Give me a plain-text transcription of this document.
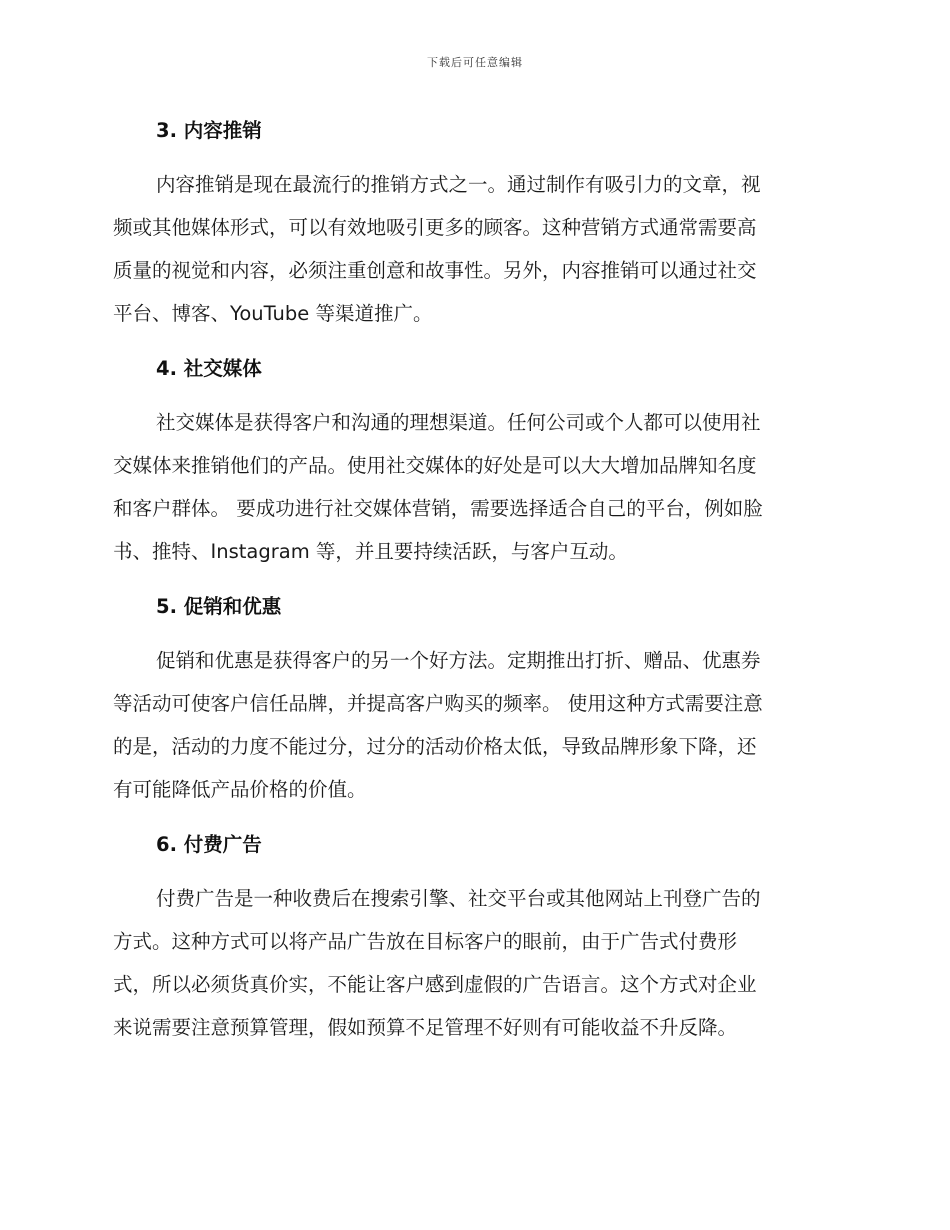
下载后可任意编辑
3. 内容推销
内容推销是现在最流行的推销方式之一。通过制作有吸引力的文章，视
频或其他媒体形式，可以有效地吸引更多的顾客。这种营销方式通常需要高
质量的视觉和内容，必须注重创意和故事性。另外，内容推销可以通过社交
平台、博客、YouTube 等渠道推广。
4. 社交媒体
社交媒体是获得客户和沟通的理想渠道。任何公司或个人都可以使用社
交媒体来推销他们的产品。使用社交媒体的好处是可以大大增加品牌知名度
和客户群体。 要成功进行社交媒体营销，需要选择适合自己的平台，例如脸
书、推特、Instagram 等，并且要持续活跃，与客户互动。
5. 促销和优惠
促销和优惠是获得客户的另一个好方法。定期推出打折、赠品、优惠券
等活动可使客户信任品牌，并提高客户购买的频率。 使用这种方式需要注意
的是，活动的力度不能过分，过分的活动价格太低，导致品牌形象下降，还
有可能降低产品价格的价值。
6. 付费广告
付费广告是一种收费后在搜索引擎、社交平台或其他网站上刊登广告的
方式。这种方式可以将产品广告放在目标客户的眼前，由于广告式付费形
式，所以必须货真价实，不能让客户感到虚假的广告语言。这个方式对企业
来说需要注意预算管理，假如预算不足管理不好则有可能收益不升反降。
